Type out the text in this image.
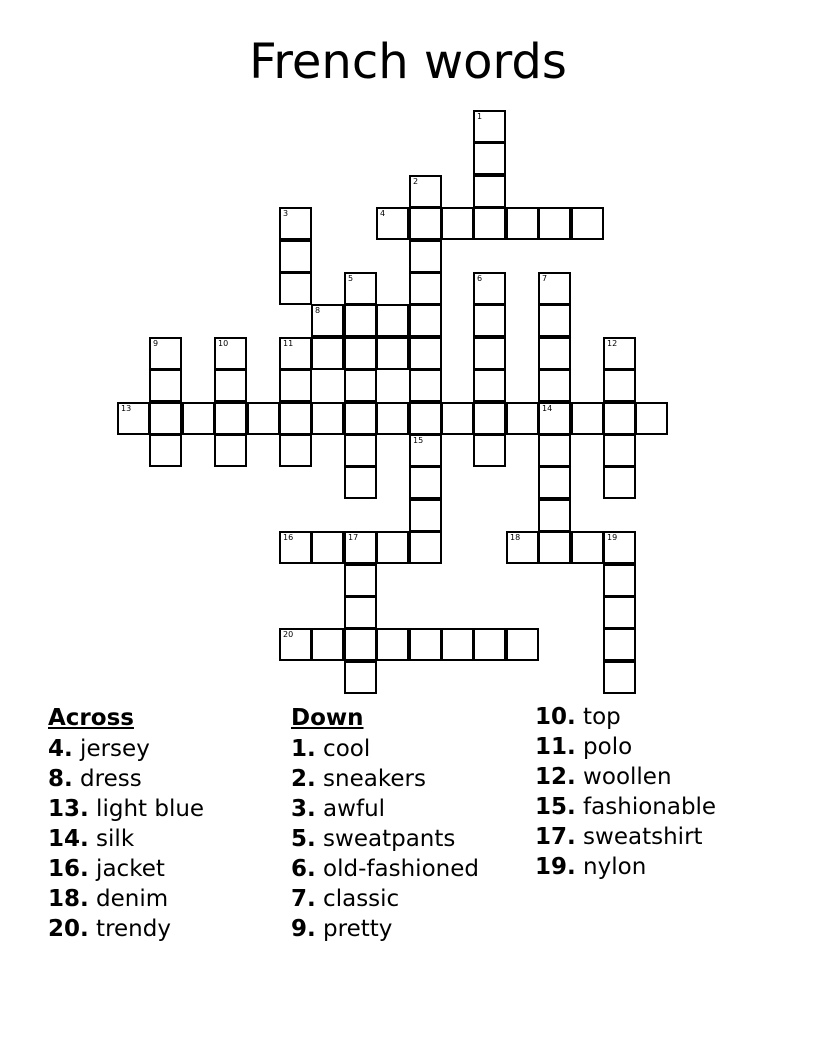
French words
4
8
11
13	14
16	17	18	19
20
1
2
15
3
5	6	7
9	10	12
Across
4. jersey
8. dress
13. light blue
14. silk
16. jacket
18. denim
20. trendy
Down
1. cool
2. sneakers
3. awful
5. sweatpants
6. old-fashioned
7. classic
9. pretty
10. top
11. polo
12. woollen
15. fashionable
17. sweatshirt
19. nylon
